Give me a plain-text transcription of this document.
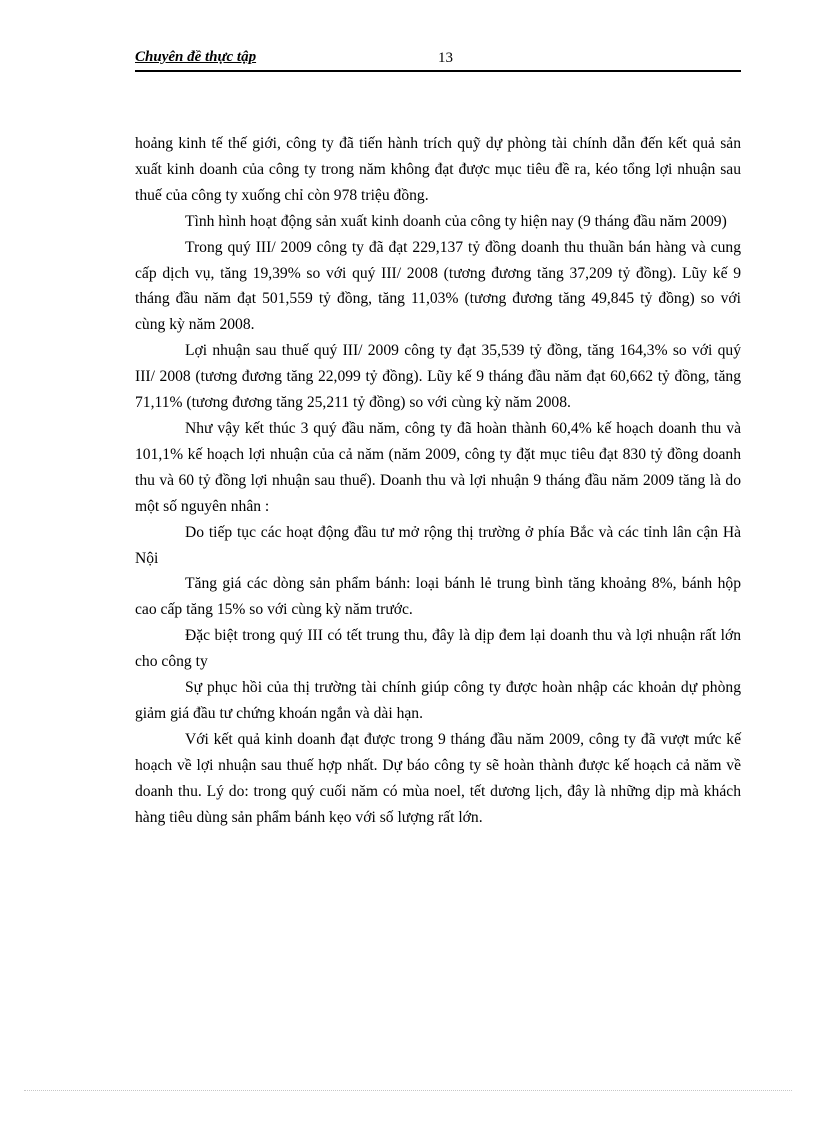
Chuyên đề thực tập	13

hoảng kinh tế thế giới, công ty đã tiến hành trích quỹ dự phòng tài chính dẫn đến kết quả sản xuất kinh doanh của công ty trong năm không đạt được mục tiêu đề ra, kéo tổng lợi nhuận sau thuế của công ty xuống chỉ còn 978 triệu đồng.

Tình hình hoạt động sản xuất kinh doanh của công ty hiện nay (9 tháng đầu năm 2009)

Trong quý III/ 2009 công ty đã đạt 229,137 tỷ đồng doanh thu thuần bán hàng và cung cấp dịch vụ, tăng 19,39% so với quý III/ 2008 (tương đương tăng 37,209 tỷ đồng). Lũy kế 9 tháng đầu năm đạt 501,559 tỷ đồng, tăng 11,03% (tương đương tăng 49,845 tỷ đồng) so với cùng kỳ năm 2008.

Lợi nhuận sau thuế quý III/ 2009 công ty đạt 35,539 tỷ đồng, tăng 164,3% so với quý III/ 2008 (tương đương tăng 22,099 tỷ đồng). Lũy kế 9 tháng đầu năm đạt 60,662 tỷ đồng, tăng 71,11% (tương đương tăng 25,211 tỷ đồng) so với cùng kỳ năm 2008.

Như vậy kết thúc 3 quý đầu năm, công ty đã hoàn thành 60,4% kế hoạch doanh thu và 101,1% kế hoạch lợi nhuận của cả năm (năm 2009, công ty đặt mục tiêu đạt 830 tỷ đồng doanh thu và 60 tỷ đồng lợi nhuận sau thuế). Doanh thu và lợi nhuận 9 tháng đầu năm 2009 tăng là do một số nguyên nhân :

Do tiếp tục các hoạt động đầu tư mở rộng thị trường ở phía Bắc và các tỉnh lân cận Hà Nội

Tăng giá các dòng sản phẩm bánh: loại bánh lẻ trung bình tăng khoảng 8%, bánh hộp cao cấp tăng 15% so với cùng kỳ năm trước.

Đặc biệt trong quý III có tết trung thu, đây là dịp đem lại doanh thu và lợi nhuận rất lớn cho công ty

Sự phục hồi của thị trường tài chính giúp công ty được hoàn nhập các khoản dự phòng giảm giá đầu tư chứng khoán ngắn và dài hạn.

Với kết quả kinh doanh đạt được trong 9 tháng đầu năm 2009, công ty đã vượt mức kế hoạch về lợi nhuận sau thuế hợp nhất. Dự báo công ty sẽ hoàn thành được kế hoạch cả năm về doanh thu. Lý do: trong quý cuối năm có mùa noel, tết dương lịch, đây là những dịp mà khách hàng tiêu dùng sản phẩm bánh kẹo với số lượng rất lớn.
